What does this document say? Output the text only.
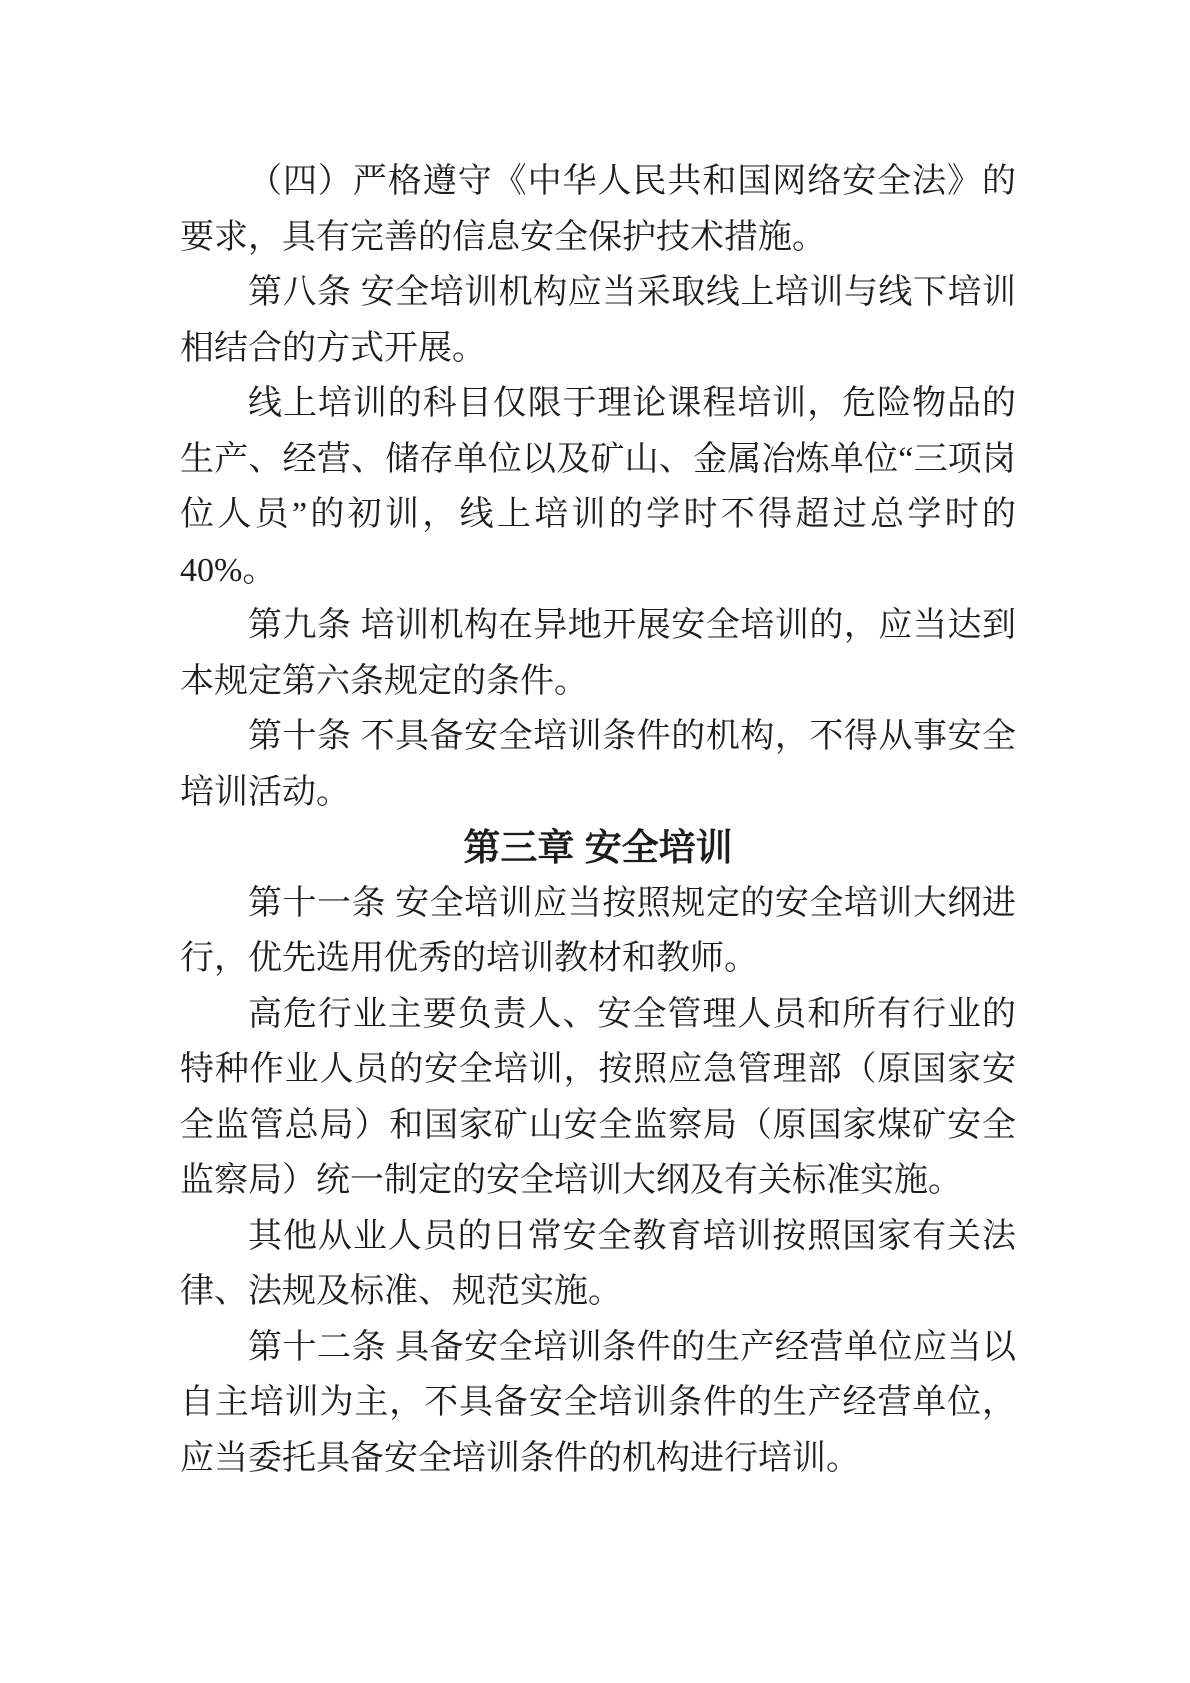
（四）严格遵守《中华人民共和国网络安全法》的要求，具有完善的信息安全保护技术措施。

第八条 安全培训机构应当采取线上培训与线下培训相结合的方式开展。

线上培训的科目仅限于理论课程培训，危险物品的生产、经营、储存单位以及矿山、金属冶炼单位“三项岗位人员”的初训，线上培训的学时不得超过总学时的40%。

第九条 培训机构在异地开展安全培训的，应当达到本规定第六条规定的条件。

第十条 不具备安全培训条件的机构，不得从事安全培训活动。

第三章 安全培训

第十一条 安全培训应当按照规定的安全培训大纲进行，优先选用优秀的培训教材和教师。

高危行业主要负责人、安全管理人员和所有行业的特种作业人员的安全培训，按照应急管理部（原国家安全监管总局）和国家矿山安全监察局（原国家煤矿安全监察局）统一制定的安全培训大纲及有关标准实施。

其他从业人员的日常安全教育培训按照国家有关法律、法规及标准、规范实施。

第十二条 具备安全培训条件的生产经营单位应当以自主培训为主，不具备安全培训条件的生产经营单位，应当委托具备安全培训条件的机构进行培训。
